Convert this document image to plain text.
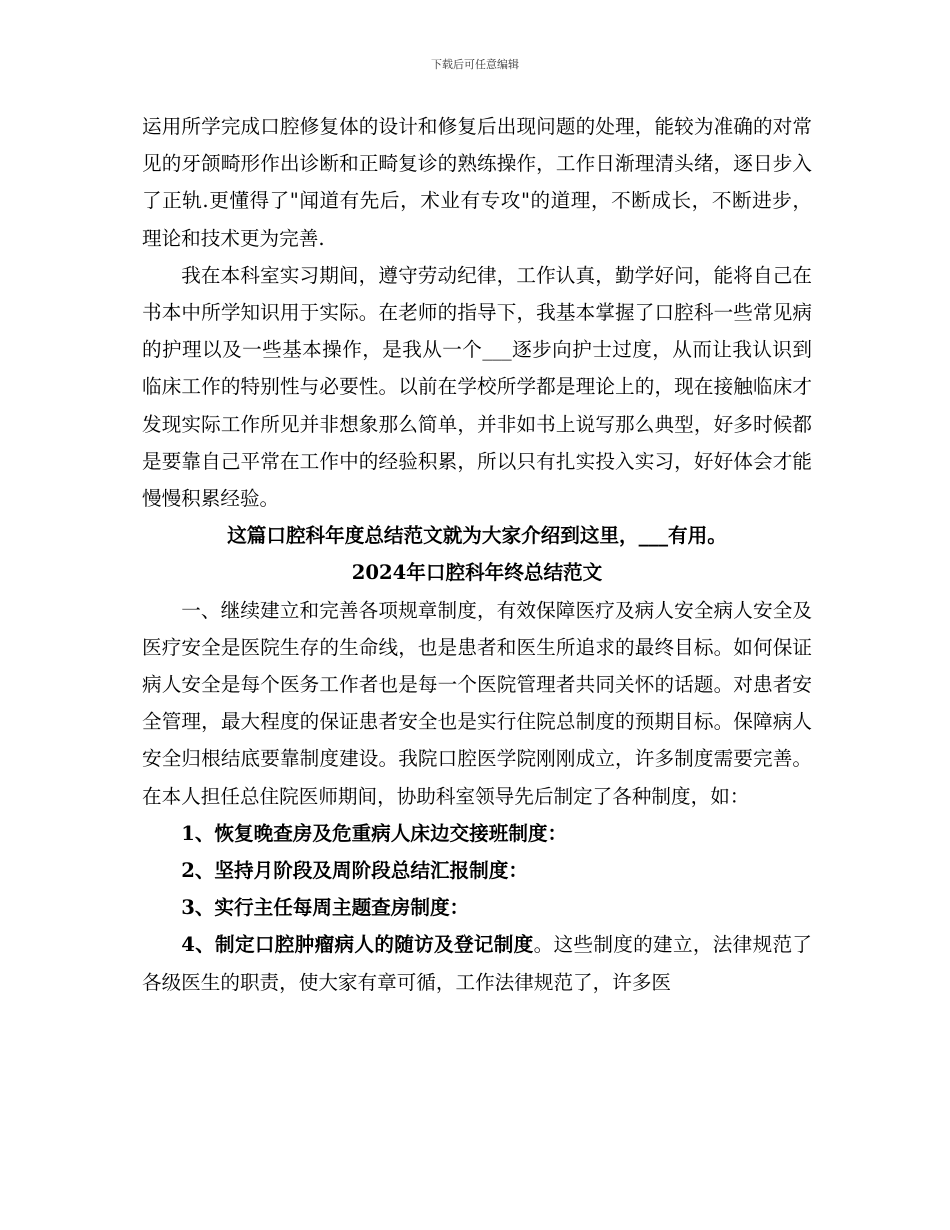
下载后可任意编辑

运用所学完成口腔修复体的设计和修复后出现问题的处理，能较为准确的对常见的牙颌畸形作出诊断和正畸复诊的熟练操作，工作日渐理清头绪，逐日步入了正轨.更懂得了"闻道有先后，术业有专攻"的道理，不断成长，不断进步，理论和技术更为完善.

我在本科室实习期间，遵守劳动纪律，工作认真，勤学好问，能将自己在书本中所学知识用于实际。在老师的指导下，我基本掌握了口腔科一些常见病的护理以及一些基本操作，是我从一个___逐步向护士过度，从而让我认识到临床工作的特别性与必要性。以前在学校所学都是理论上的，现在接触临床才发现实际工作所见并非想象那么简单，并非如书上说写那么典型，好多时候都是要靠自己平常在工作中的经验积累，所以只有扎实投入实习，好好体会才能慢慢积累经验。

这篇口腔科年度总结范文就为大家介绍到这里，___有用。

2024年口腔科年终总结范文

一、继续建立和完善各项规章制度，有效保障医疗及病人安全病人安全及医疗安全是医院生存的生命线，也是患者和医生所追求的最终目标。如何保证病人安全是每个医务工作者也是每一个医院管理者共同关怀的话题。对患者安全管理，最大程度的保证患者安全也是实行住院总制度的预期目标。保障病人安全归根结底要靠制度建设。我院口腔医学院刚刚成立，许多制度需要完善。在本人担任总住院医师期间，协助科室领导先后制定了各种制度，如：

1、恢复晚查房及危重病人床边交接班制度：

2、坚持月阶段及周阶段总结汇报制度：

3、实行主任每周主题查房制度：

4、制定口腔肿瘤病人的随访及登记制度。这些制度的建立，法律规范了各级医生的职责，使大家有章可循，工作法律规范了，许多医
